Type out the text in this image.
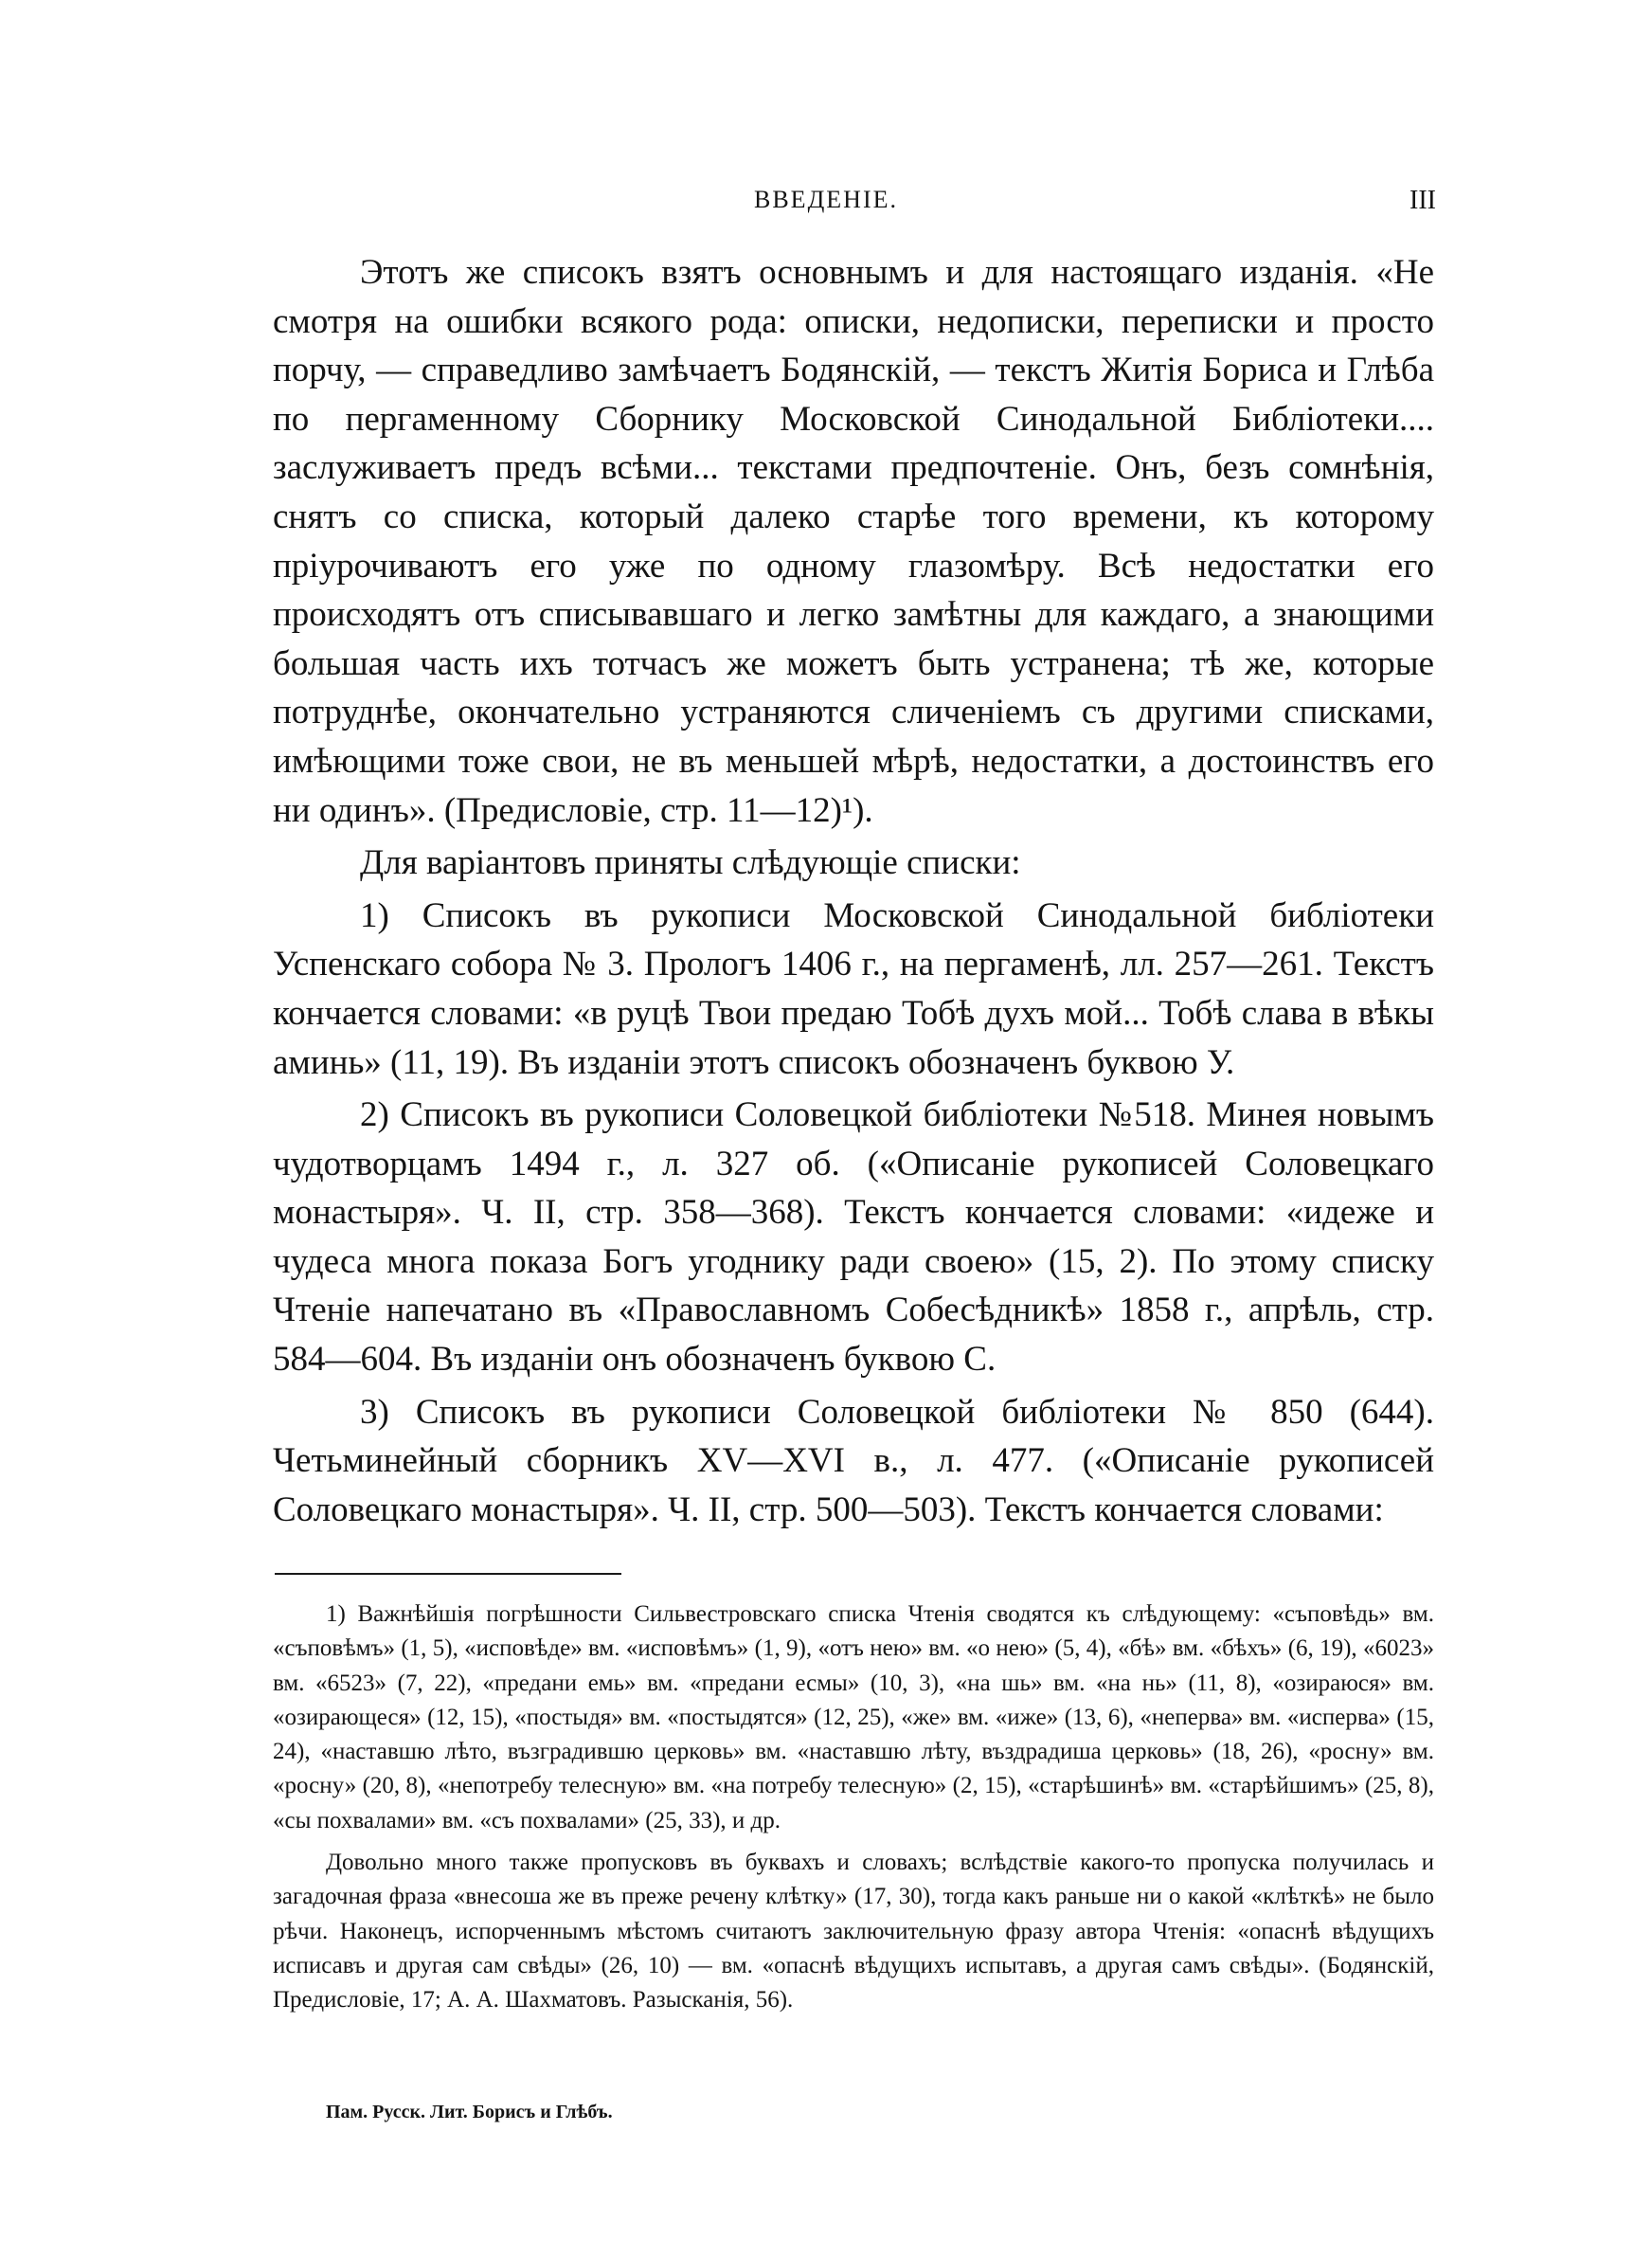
ВВЕДЕНІЕ.	III

Этотъ же списокъ взятъ основнымъ и для настоящаго изданія. «Не смотря на ошибки всякого рода: описки, недописки, переписки и просто порчу, — справедливо замѣчаетъ Бодянскій, — текстъ Житія Бориса и Глѣба по пергаменному Сборнику Московской Синодальной Библіотеки.... заслуживаетъ предъ всѣми... текстами предпочтеніе. Онъ, безъ сомнѣнія, снятъ со списка, который далеко старѣе того времени, къ которому пріурочиваютъ его уже по одному глазомѣру. Всѣ недостатки его происходятъ отъ списывавшаго и легко замѣтны для каждаго, а знающими большая часть ихъ тотчасъ же можетъ быть устранена; тѣ же, которые потруднѣе, окончательно устраняются сличеніемъ съ другими списками, имѣющими тоже свои, не въ меньшей мѣрѣ, недостатки, а достоинствъ его ни одинъ». (Предисловіе, стр. 11—12)¹).

Для варіантовъ приняты слѣдующіе списки:

1) Списокъ въ рукописи Московской Синодальной библіотеки Успенскаго собора № 3. Прологъ 1406 г., на пергаменѣ, лл. 257—261. Текстъ кончается словами: «в руцѣ Твои предаю Тобѣ духъ мой... Тобѣ слава в вѣкы аминь» (11, 19). Въ изданіи этотъ списокъ обозначенъ буквою У.

2) Списокъ въ рукописи Соловецкой библіотеки №518. Минея новымъ чудотворцамъ 1494 г., л. 327 об. («Описаніе рукописей Соловецкаго монастыря». Ч. II, стр. 358—368). Текстъ кончается словами: «идеже и чудеса многа показа Богъ угоднику ради своею» (15, 2). По этому списку Чтеніе напечатано въ «Православномъ Собесѣдникѣ» 1858 г., апрѣль, стр. 584—604. Въ изданіи онъ обозначенъ буквою С.

3) Списокъ въ рукописи Соловецкой библіотеки № 850 (644). Четьминейный сборникъ XV—XVI в., л. 477. («Описаніе рукописей Соловецкаго монастыря». Ч. II, стр. 500—503). Текстъ кончается словами:

1) Важнѣйшія погрѣшности Сильвестровскаго списка Чтенія сводятся къ слѣдующему: «съповѣдь» вм. «съповѣмъ» (1, 5), «исповѣде» вм. «исповѣмъ» (1, 9), «отъ нею» вм. «о нею» (5, 4), «бѣ» вм. «бѣхъ» (6, 19), «6023» вм. «6523» (7, 22), «предани емь» вм. «предани есмы» (10, 3), «на шь» вм. «на нь» (11, 8), «озираюся» вм. «озирающеся» (12, 15), «постыдя» вм. «постыдятся» (12, 25), «же» вм. «иже» (13, 6), «неперва» вм. «исперва» (15, 24), «наставшю лѣто, възградившю церковь» вм. «наставшю лѣту, въздрадиша церковь» (18, 26), «росну» вм. «росну» (20, 8), «непотребу телесную» вм. «на потребу телесную» (2, 15), «старѣшинѣ» вм. «старѣйшимъ» (25, 8), «сы похвалами» вм. «съ похвалами» (25, 33), и др.

Довольно много также пропусковъ въ буквахъ и словахъ; вслѣдствіе какого-то пропуска получилась и загадочная фраза «внесоша же въ преже речену клѣтку» (17, 30), тогда какъ раньше ни о какой «клѣткѣ» не было рѣчи. Наконецъ, испорченнымъ мѣстомъ считаютъ заключительную фразу автора Чтенія: «опаснѣ вѣдущихъ исписавъ и другая сам свѣды» (26, 10) — вм. «опаснѣ вѣдущихъ испытавъ, а другая самъ свѣды». (Бодянскій, Предисловіе, 17; А. А. Шахматовъ. Разысканія, 56).

Пам. Русск. Лит. Борисъ и Глѣбъ.
